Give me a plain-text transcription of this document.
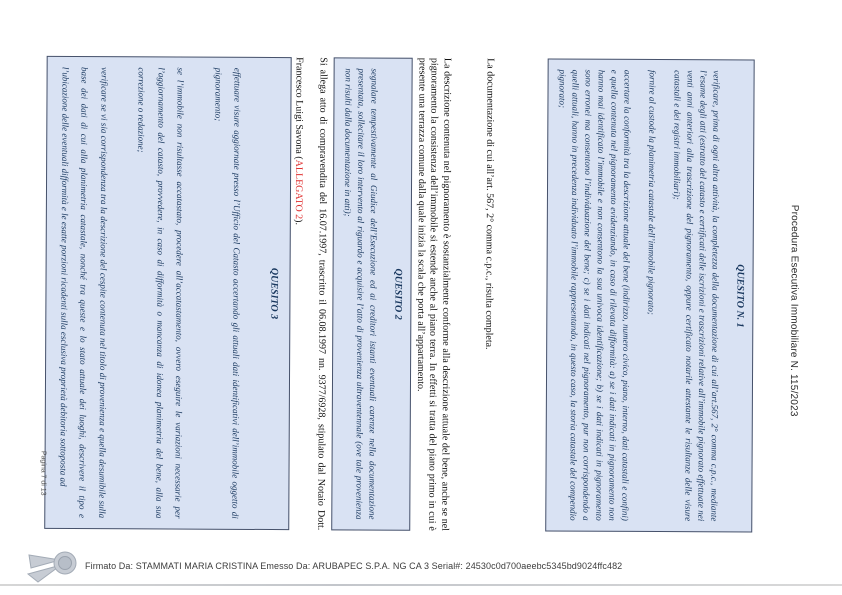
Procedura Esecutiva Immobiliare N. 115/2023

QUESITO N. 1

verificare, prima di ogni altra attività, la completezza della documentazione di cui all’art.567, 2° comma c.p.c., mediante l’esame degli atti (estratto del catasto e certificati delle iscrizioni e trascrizioni relative all’immobile pignorato effettuate nei venti anni anteriori alla trascrizione del pignoramento, oppure certificato notarile attestante le risultanze delle visure catastali e dei registri immobiliari);

fornire al custode la planimetria catastale dell’immobile pignorato;

accertare la conformità tra la descrizione attuale del bene (indirizzo, numero civico, piano, interno, dati catastali e confini) e quella contenuta nel pignoramento evidenziando, in caso di rilevata difformità: a) se i dati indicati in pignoramento non hanno mai identificato l’immobile e non consentono la sua univoca identificazione; b) se i dati indicati in pignoramento sono erronei ma consentono l’individuazione del bene; c) se i dati indicati nel pignoramento, pur non corrispondendo a quelli attuali, hanno in precedenza individuato l’immobile rappresentando, in questo caso, la storia catastale del compendio pignorato;

La documentazione di cui all’art. 567, 2° comma c.p.c., risulta completa.
La descrizione contenuta nel pignoramento è sostanzialmente conforme alla descrizione attuale del bene, anche se nel pignoramento la consistenza dell’immobile si estende anche al piano terra. In effetti si tratta del piano primo in cui è presente una terrazza comune dalla quale inizia la scala che porta all’appartamento.

QUESITO 2

segnalare tempestivamente al Giudice dell’Esecuzione ed ai creditori istanti eventuali carenze nella documentazione presentata, sollecitare il loro intervento al riguardo e acquisire l’atto di provenienza ultraventennale (ove tale provenienza non risulti dalla documentazione in atti);

Si allega atto di compravendita del 16.07.1997, trascritto il 06.08.1997 nn. 9377/6928, stipulato dal Notaio Dott. Francesco Luigi Savona (ALLEGATO 2).

QUESITO 3

effettuare visure aggiornate presso l’Ufficio del Catasto accertando gli attuali dati identificativi dell’immobile oggetto di pignoramento;

se l’immobile non risultasse accatastato, procedere all’accatastamento, ovvero eseguire le variazioni necessarie per l’aggiornamento del catasto, provvedere, in caso di difformità o mancanza di idonea planimetria del bene, alla sua correzione o redazione;

verificare se vi sia corrispondenza tra la descrizione del cespite contenuta nel titolo di provenienza e quella desumibile sulla base dei dati di cui alla planimetria catastale, nonché tra queste e lo stato attuale dei luoghi, descrivere il tipo e l’ubicazione delle eventuali difformità e le esatte porzioni ricadenti sulla esclusiva proprietà debitoria sottoposta ad

Pagina 7 di 13
Firmato Da: STAMMATI MARIA CRISTINA Emesso Da: ARUBAPEC S.P.A. NG CA 3 Serial#: 24530c0d700aeebc5345bd9024ffc482
